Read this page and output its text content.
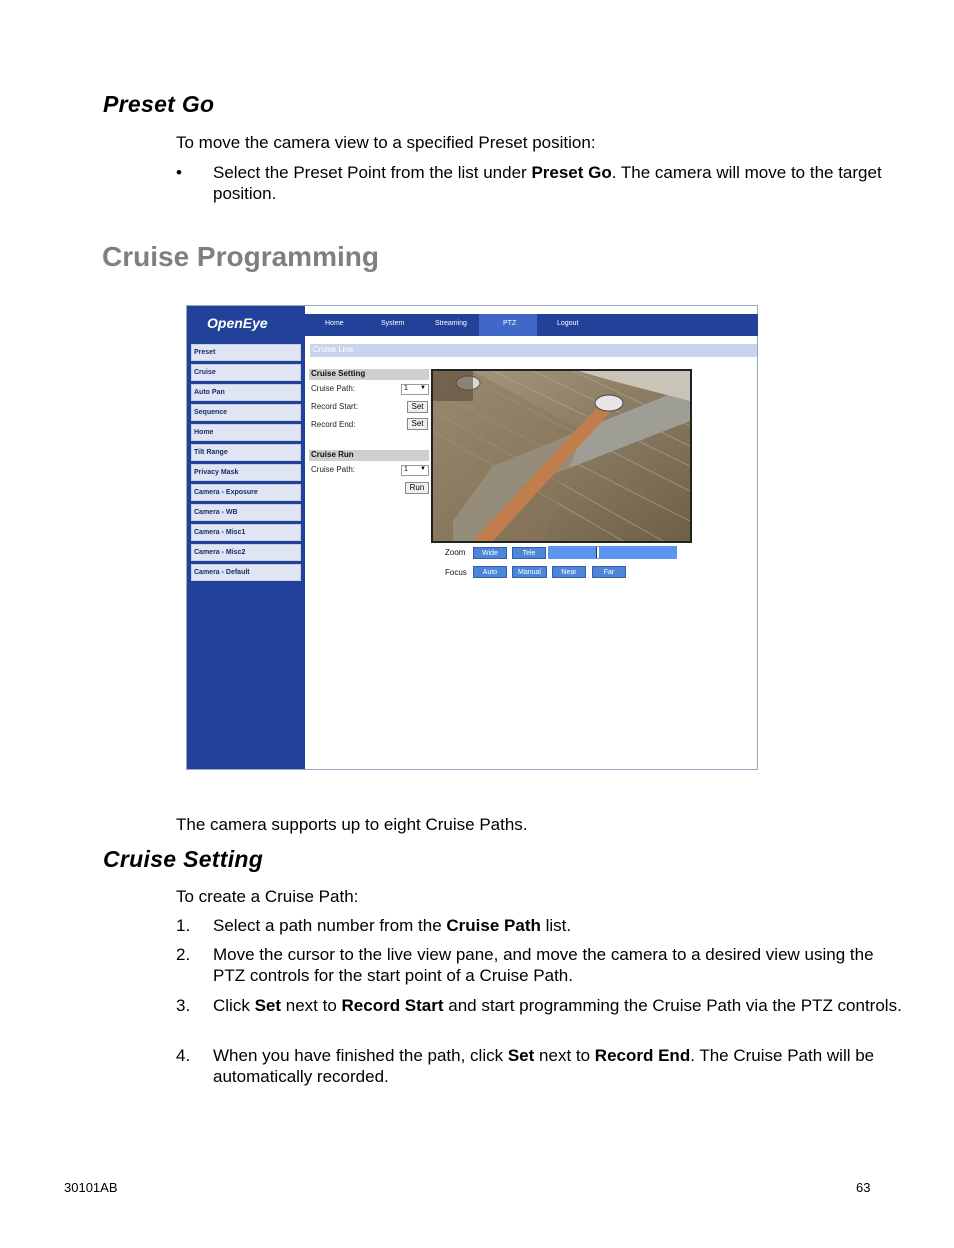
Preset Go
To move the camera view to a specified Preset position:
• Select the Preset Point from the list under Preset Go. The camera will move to the target position.
Cruise Programming
OpenEye	Home	System	Streaming	PTZ	Logout
Preset
Cruise
Auto Pan
Sequence
Home
Tilt Range
Privacy Mask
Camera - Exposure
Camera - WB
Camera - Misc1
Camera - Misc2
Camera - Default
Cruise Line
Cruise Setting
Cruise Path:	1 ▼
Record Start:	Set
Record End:	Set
Cruise Run
Cruise Path:	1 ▼
Run
Zoom	Wide	Tele
Focus	Auto	Manual	Near	Far
The camera supports up to eight Cruise Paths.
Cruise Setting
To create a Cruise Path:
1. Select a path number from the Cruise Path list.
2. Move the cursor to the live view pane, and move the camera to a desired view using the PTZ controls for the start point of a Cruise Path.
3. Click Set next to Record Start and start programming the Cruise Path via the PTZ controls.
4. When you have finished the path, click Set next to Record End. The Cruise Path will be automatically recorded.
30101AB	63
